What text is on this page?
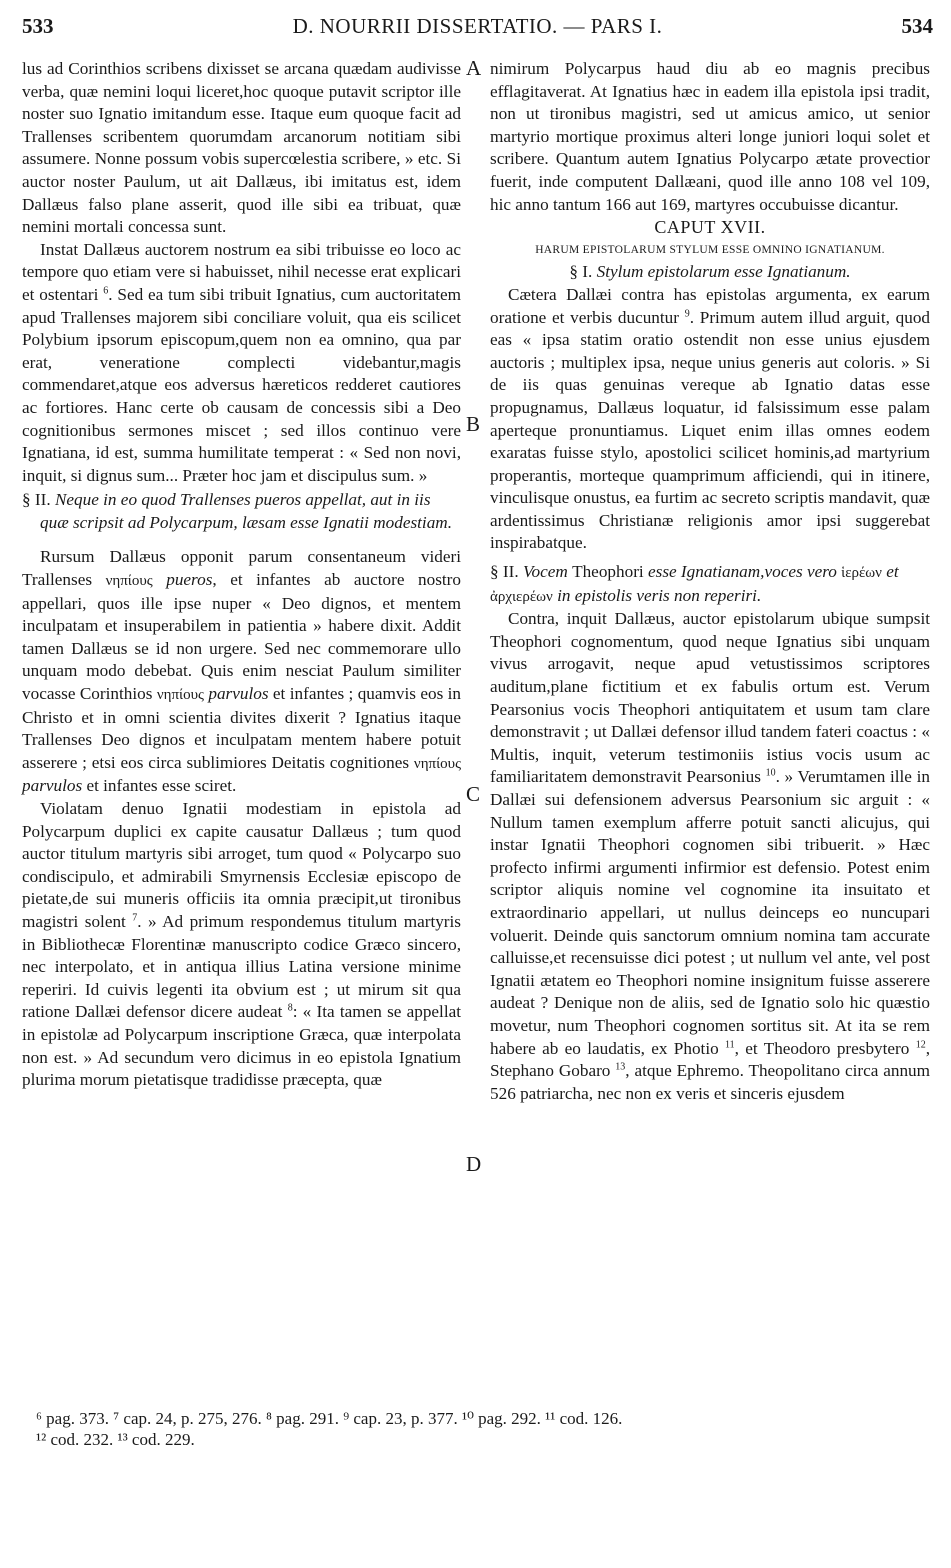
533	D. NOURRII DISSERTATIO. — PARS I.	534
A
B
C
D

lus ad Corinthios scribens dixisset se arcana quædam audivisse verba, quæ nemini loqui liceret,hoc quoque putavit scriptor ille noster suo Ignatio imitandum esse. Itaque eum quoque facit ad Trallenses scribentem quorumdam arcanorum notitiam sibi assumere. Nonne possum vobis supercœlestia scribere, » etc. Si auctor noster Paulum, ut ait Dallæus, ibi imitatus est, idem Dallæus falso plane asserit, quod ille sibi ea tribuat, quæ nemini mortali concessa sunt.

Instat Dallæus auctorem nostrum ea sibi tribuisse eo loco ac tempore quo etiam vere si habuisset, nihil necesse erat explicari et ostentari $^6$. Sed ea tum sibi tribuit Ignatius, cum auctoritatem apud Trallenses majorem sibi conciliare voluit, qua eis scilicet Polybium ipsorum episcopum,quem non ea omnino, qua par erat, veneratione complecti videbantur,magis commendaret,atque eos adversus hæreticos redderet cautiores ac fortiores. Hanc certe ob causam de concessis sibi a Deo cognitionibus sermones miscet ; sed illos continuo vere Ignatiana, id est, summa humilitate temperat : « Sed non novi, inquit, si dignus sum... Præter hoc jam et discipulus sum. »

§ II. Neque in eo quod Trallenses pueros appellat, aut in iis quæ scripsit ad Polycarpum, læsam esse Ignatii modestiam.

Rursum Dallæus opponit parum consentaneum videri Trallenses νηπίους pueros, et infantes ab auctore nostro appellari, quos ille ipse nuper « Deo dignos, et mentem inculpatam et insuperabilem in patientia » habere dixit. Addit tamen Dallæus se id non urgere. Sed nec commemorare ullo unquam modo debebat. Quis enim nesciat Paulum similiter vocasse Corinthios νηπίους parvulos et infantes ; quamvis eos in Christo et in omni scientia divites dixerit ? Ignatius itaque Trallenses Deo dignos et inculpatam mentem habere potuit asserere ; etsi eos circa sublimiores Deitatis cognitiones νηπίους parvulos et infantes esse sciret.

Violatam denuo Ignatii modestiam in epistola ad Polycarpum duplici ex capite causatur Dallæus ; tum quod auctor titulum martyris sibi arroget, tum quod « Polycarpo suo condiscipulo, et admirabili Smyrnensis Ecclesiæ episcopo de pietate,de sui muneris officiis ita omnia præcipit,ut tironibus magistri solent $^7$. » Ad primum respondemus titulum martyris in Bibliothecæ Florentinæ manuscripto codice Græco sincero, nec interpolato, et in antiqua illius Latina versione minime reperiri. Id cuivis legenti ita obvium est ; ut mirum sit qua ratione Dallæi defensor dicere audeat $^8$: « Ita tamen se appellat in epistolæ ad Polycarpum inscriptione Græca, quæ interpolata non est. » Ad secundum vero dicimus in eo epistola Ignatium plurima morum pietatisque tradidisse præcepta, quæ

nimirum Polycarpus haud diu ab eo magnis precibus efflagitaverat. At Ignatius hæc in eadem illa epistola ipsi tradit, non ut tironibus magistri, sed ut amicus amico, ut senior martyrio mortique proximus alteri longe juniori loqui solet et scribere. Quantum autem Ignatius Polycarpo ætate provectior fuerit, inde computent Dallæani, quod ille anno 108 vel 109, hic anno tantum 166 aut 169, martyres occubuisse dicantur.

CAPUT XVII.

HARUM EPISTOLARUM STYLUM ESSE OMNINO IGNATIANUM.

§ I. Stylum epistolarum esse Ignatianum.

Cætera Dallæi contra has epistolas argumenta, ex earum oratione et verbis ducuntur $^9$. Primum autem illud arguit, quod eas « ipsa statim oratio ostendit non esse unius ejusdem auctoris ; multiplex ipsa, neque unius generis aut coloris. » Si de iis quas genuinas vereque ab Ignatio datas esse propugnamus, Dallæus loquatur, id falsissimum esse palam aperteque pronuntiamus. Liquet enim illas omnes eodem exaratas fuisse stylo, apostolici scilicet hominis,ad martyrium properantis, morteque quamprimum afficiendi, qui in itinere, vinculisque onustus, ea furtim ac secreto scriptis mandavit, quæ ardentissimus Christianæ religionis amor ipsi suggerebat inspirabatque.

§ II. Vocem Theophori esse Ignatianam,voces vero ἱερέων et ἀρχιερέων in epistolis veris non reperiri.

Contra, inquit Dallæus, auctor epistolarum ubique sumpsit Theophori cognomentum, quod neque Ignatius sibi unquam vivus arrogavit, neque apud vetustissimos scriptores auditum,plane fictitium et ex fabulis ortum est. Verum Pearsonius vocis Theophori antiquitatem et usum tam clare demonstravit ; ut Dallæi defensor illud tandem fateri coactus : « Multis, inquit, veterum testimoniis istius vocis usum ac familiaritatem demonstravit Pearsonius $^{10}$. » Verumtamen ille in Dallæi sui defensionem adversus Pearsonium sic arguit : « Nullum tamen exemplum afferre potuit sancti alicujus, qui instar Ignatii Theophori cognomen sibi tribuerit. » Hæc profecto infirmi argumenti infirmior est defensio. Potest enim scriptor aliquis nomine vel cognomine ita insuitato et extraordinario appellari, ut nullus deinceps eo nuncupari voluerit. Deinde quis sanctorum omnium nomina tam accurate calluisse,et recensuisse dici potest ; ut nullum vel ante, vel post Ignatii ætatem eo Theophori nomine insignitum fuisse asserere audeat ? Denique non de aliis, sed de Ignatio solo hic quæstio movetur, num Theophori cognomen sortitus sit. At ita se rem habere ab eo laudatis, ex Photio $^{11}$, et Theodoro presbytero $^{12}$, Stephano Gobaro $^{13}$, atque Ephremo. Theopolitano circa annum 526 patriarcha, nec non ex veris et sinceris ejusdem

⁶ pag. 373. ⁷ cap. 24, p. 275, 276. ⁸ pag. 291. ⁹ cap. 23, p. 377. ¹⁰ pag. 292. ¹¹ cod. 126.
¹² cod. 232. ¹³ cod. 229.
